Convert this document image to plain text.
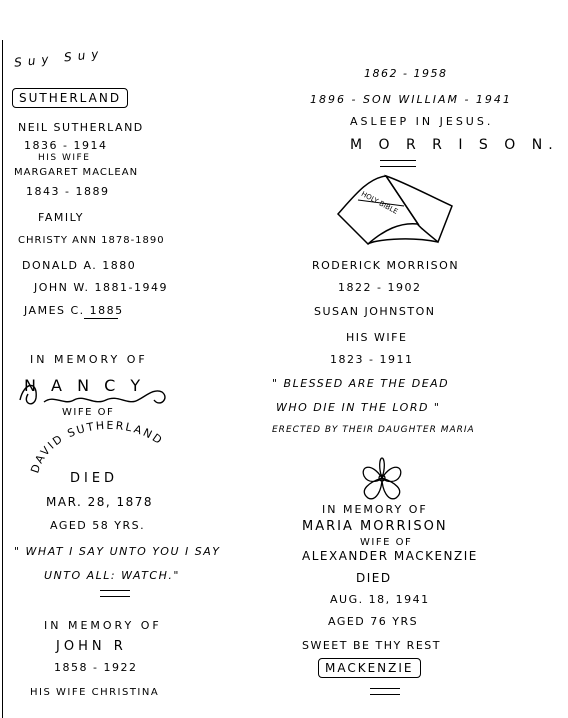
Suy Suy
SUTHERLAND
NEIL SUTHERLAND
1836 - 1914
HIS WIFE
MARGARET MACLEAN
1843 - 1889
FAMILY
CHRISTY ANN 1878-1890
DONALD A. 1880
JOHN W. 1881-1949
JAMES C. 1885
IN MEMORY OF
N A N C Y
WIFE OF
DAVID SUTHERLAND
DIED
MAR. 28, 1878
AGED 58 YRS.
" WHAT I SAY UNTO YOU I SAY
UNTO ALL: WATCH."
IN MEMORY OF
JOHN R
1858 - 1922
HIS WIFE CHRISTINA
1862 - 1958
1896 - SON WILLIAM - 1941
ASLEEP IN JESUS.
M O R R I S O N.
HOLY BIBLE
RODERICK MORRISON
1822 - 1902
SUSAN JOHNSTON
HIS WIFE
1823 - 1911
" BLESSED ARE THE DEAD
WHO DIE IN THE LORD "
ERECTED BY THEIR DAUGHTER MARIA
IN MEMORY OF
MARIA MORRISON
WIFE OF
ALEXANDER MACKENZIE
DIED
AUG. 18, 1941
AGED 76 YRS
SWEET BE THY REST
MACKENZIE
